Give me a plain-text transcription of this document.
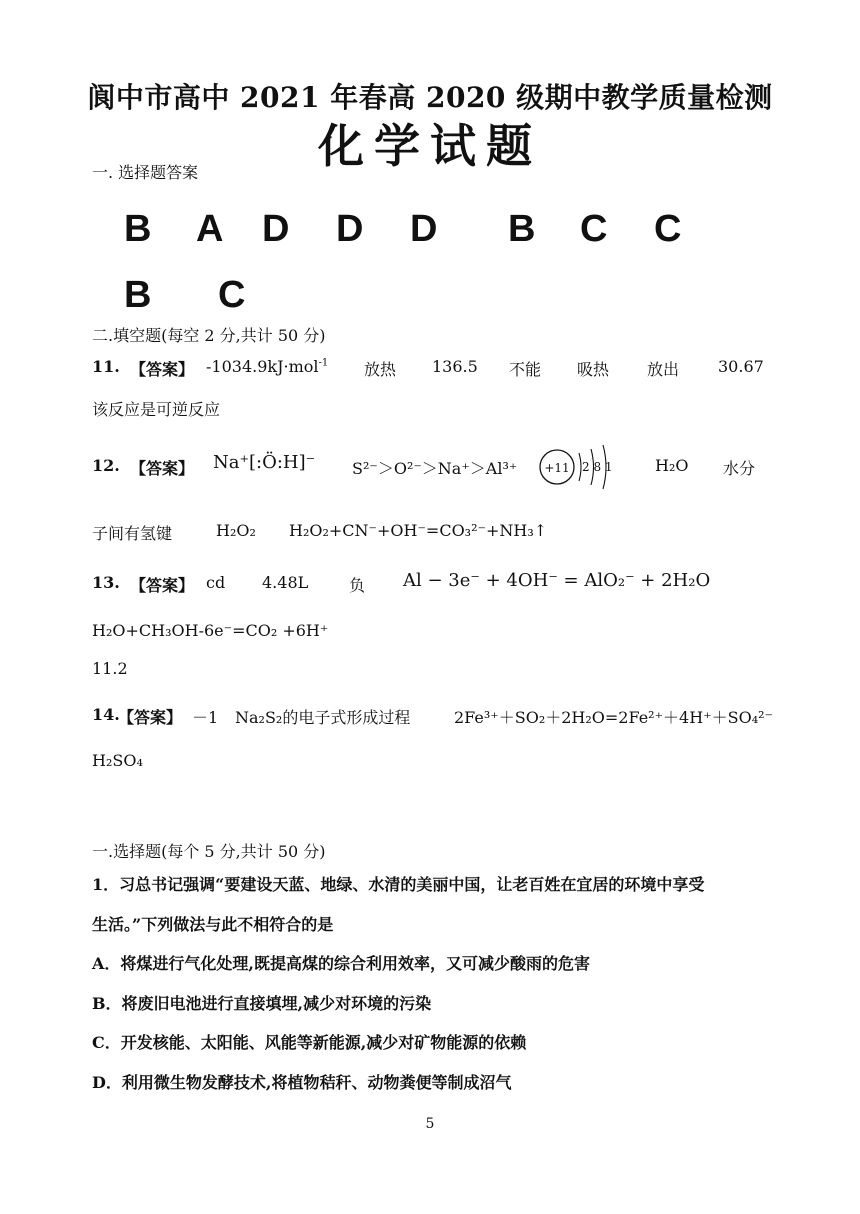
阆中市高中 2021 年春高 2020 级期中教学质量检测
化学试题
一. 选择题答案
B A D D D B C C
B C
二.填空题(每空 2 分,共计 50 分)
11. 【答案】 -1034.9kJ·mol$^{-1}$ 放热 136.5 不能 吸热 放出 30.67
该反应是可逆反应
12. 【答案】 Na⁺[:Ö:H]⁻ S²⁻＞O²⁻＞Na⁺＞Al³⁺ +11 2 8 1	H₂O 水分
子间有氢键	H₂O₂ H₂O₂+CN⁻+OH⁻=CO₃²⁻+NH₃↑
13. 【答案】 cd 4.48L	负 Al − 3e⁻ + 4OH⁻ = AlO₂⁻ + 2H₂O
H₂O+CH₃OH-6e⁻=CO₂ +6H⁺
11.2
14.
【答案】 －1 Na₂S₂的电子式形成过程	2Fe³⁺＋SO₂＋2H₂O=2Fe²⁺＋4H⁺＋SO₄²⁻
H₂SO₄
一.选择题(每个 5 分,共计 50 分)
1．习总书记强调“要建设天蓝、地绿、水清的美丽中国，让老百姓在宜居的环境中享受
生活。”下列做法与此不相符合的是
A．将煤进行气化处理,既提高煤的综合利用效率，又可减少酸雨的危害
B．将废旧电池进行直接填埋,减少对环境的污染
C．开发核能、太阳能、风能等新能源,减少对矿物能源的依赖
D．利用微生物发酵技术,将植物秸秆、动物粪便等制成沼气
5
